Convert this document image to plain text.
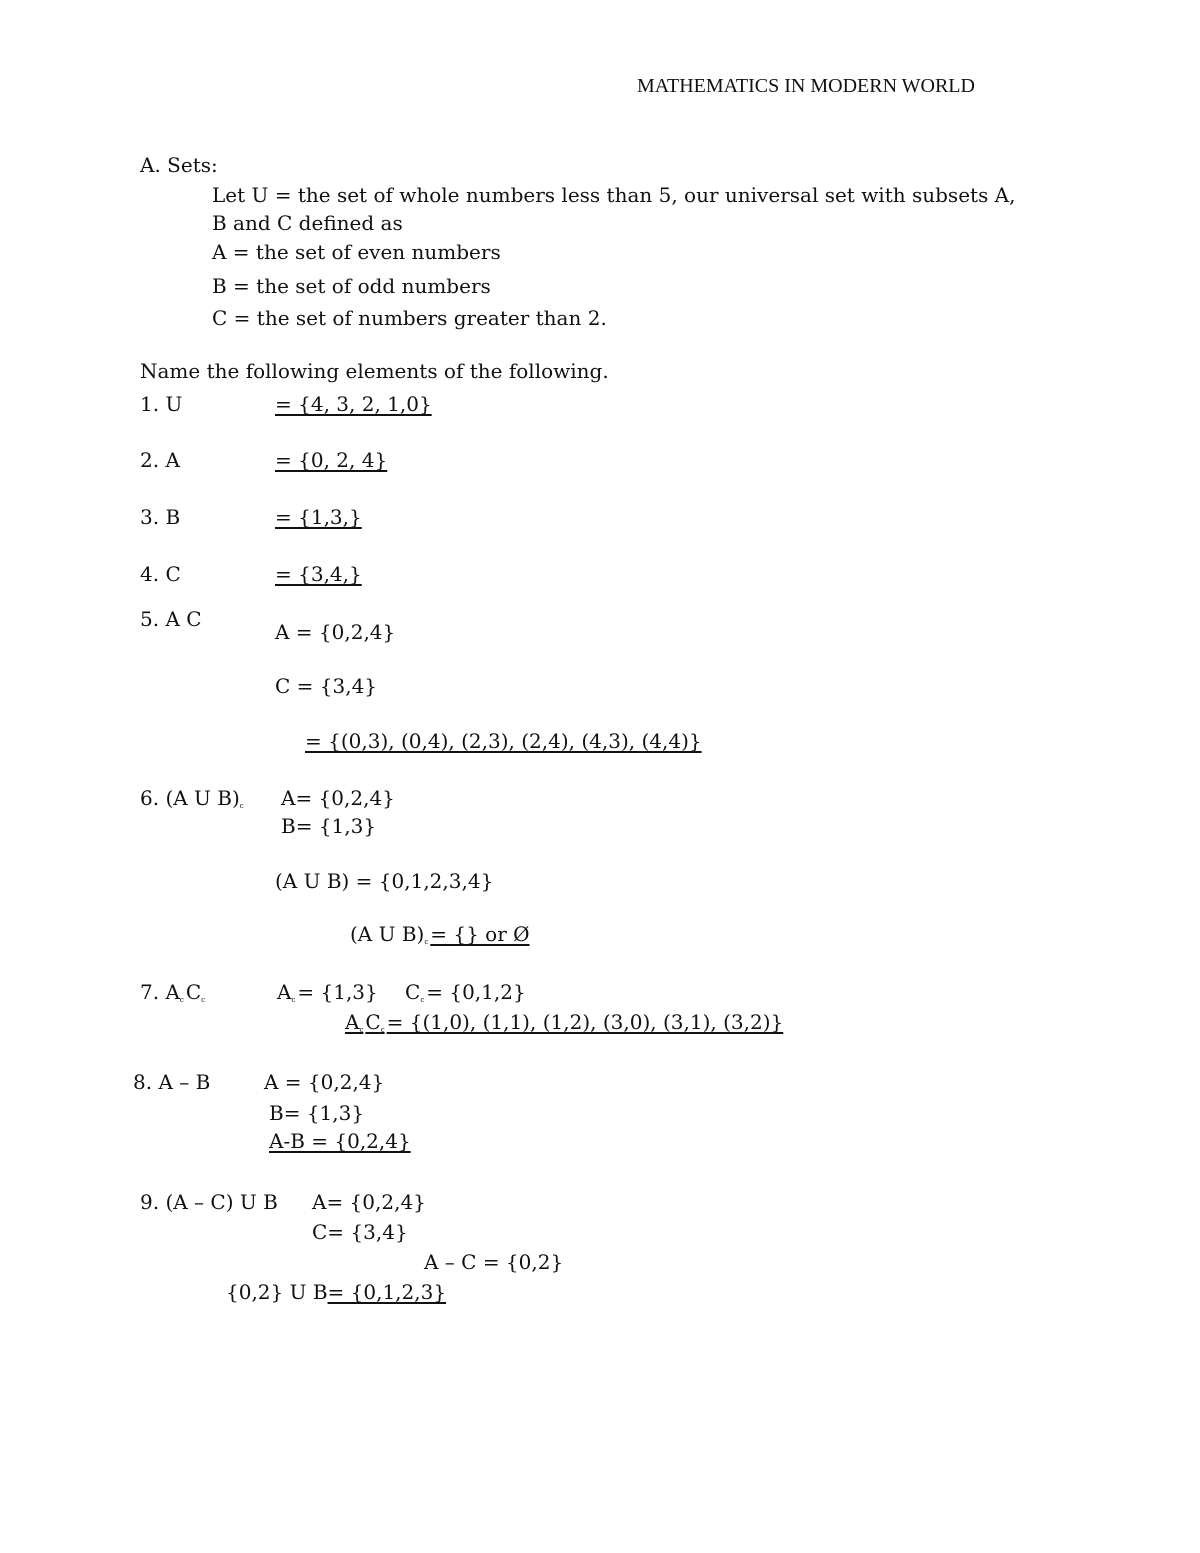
MATHEMATICS IN MODERN WORLD
A. Sets:
Let U = the set of whole numbers less than 5, our universal set with subsets A,
B and C defined as
A = the set of even numbers
B = the set of odd numbers
C = the set of numbers greater than 2.
Name the following elements of the following.
1. U	= {4, 3, 2, 1,0}
2. A	= {0, 2, 4}
3. B	= {1,3,}
4. C	= {3,4,}
5. A C
A = {0,2,4}
C = {3,4}
= {(0,3), (0,4), (2,3), (2,4), (4,3), (4,4)}
6. (A U B)c A= {0,2,4}
B= {1,3}
(A U B) = {0,1,2,3,4}
(A U B)c = {} or Ø
7. Ac Cc	Ac = {1,3} Cc = {0,1,2}
Ac Cc = {(1,0), (1,1), (1,2), (3,0), (3,1), (3,2)}
8. A – B	A = {0,2,4}
B= {1,3}
A-B = {0,2,4}
9. (A – C) U B A= {0,2,4}
C= {3,4}
A – C = {0,2}
{0,2} U B= {0,1,2,3}
